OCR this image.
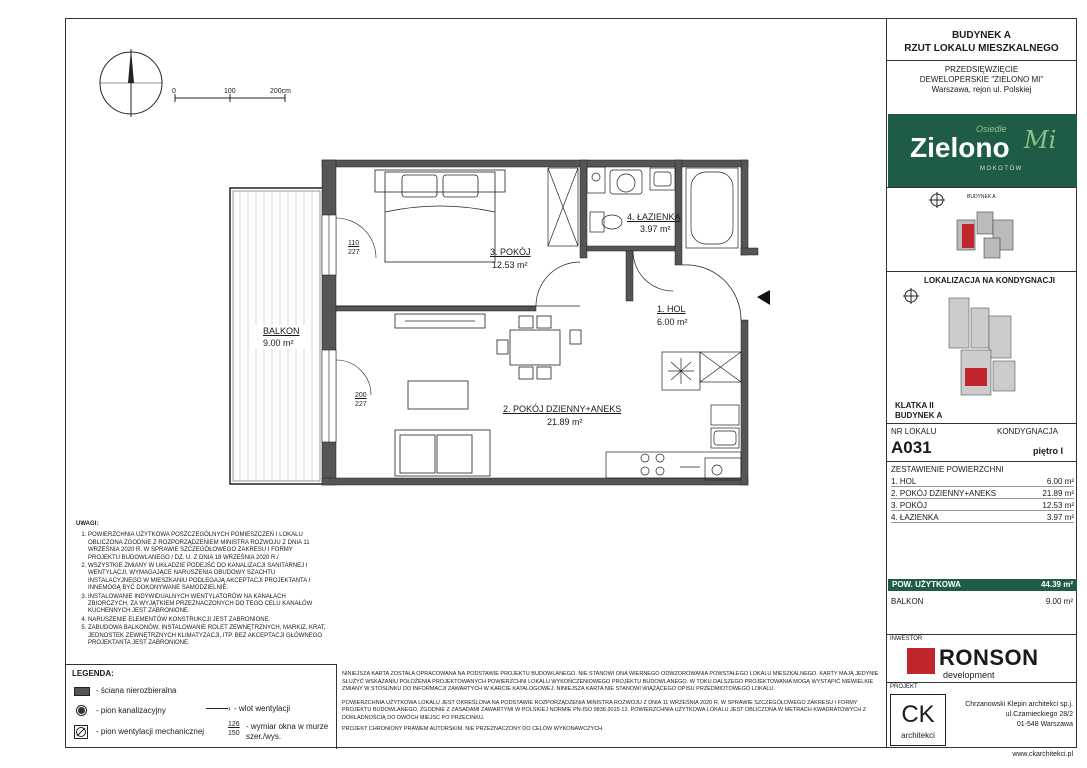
0	100	200cm
3. POKÓJ
12.53 m²
4. ŁAZIENKA
3.97 m²
1. HOL
6.00 m²
2. POKÓJ DZIENNY+ANEKS
21.89 m²
BALKON
9.00 m²
110
227
200
227
UWAGI:
1. POWIERZCHNIA UŻYTKOWA POSZCZEGÓLNYCH POMIESZCZEŃ I LOKALU OBLICZONA ZGODNIE Z ROZPORZĄDZENIEM MINISTRA ROZWOJU Z DNIA 11 WRZEŚNIA 2020 R. W SPRAWIE SZCZEGÓŁOWEGO ZAKRESU I FORMY PROJEKTU BUDOWLANEGO / DZ. U. Z DNIA 18 WRZEŚNIA 2020 R./
2. WSZYSTKIE ZMIANY W UKŁADZIE PODEJŚĆ DO KANALIZACJI SANITARNEJ I WENTYLACJI, WYMAGAJĄCE NARUSZENIA OBUDOWY SZACHTU INSTALACYJNEGO W MIESZKANIU PODLEGAJĄ AKCEPTACJI PROJEKTANTA I INNEMOGĄ BYĆ DOKONYWANE SAMODZIELNIE.
3. INSTALOWANIE INDYWIDUALNYCH WENTYLATORÓW NA KANAŁACH ZBIORCZYCH, ZA WYJĄTKIEM PRZEZNACZONYCH DO TEGO CELU KANAŁÓW KUCHENNYCH JEST ZABRONIONE.
4. NARUSZENIE ELEMENTÓW KONSTRUKCJI JEST ZABRONIONE.
5. ZABUDOWA BALKONÓW, INSTALOWANIE ROLET ZEWNĘTRZNYCH, MARKIZ, KRAT, JEDNOSTEK ZEWNĘTRZNYCH KLIMATYZACJI, ITP. BEZ AKCEPTACJI GŁÓWNEGO PROJEKTANTA JEST ZABRONIONE.
LEGENDA:
- ściana nierozbieralna
- pion kanalizacyjny
- pion wentylacji mechanicznej
› - wlot wentylacji
126
150
- wymiar okna w murze szer./wys.
NINIEJSZA KARTA ZOSTAŁA OPRACOWANA NA PODSTAWIE PROJEKTU BUDOWLANEGO. NIE STANOWI ONA WIERNEGO ODWZOROWANIA POWSTAŁEGO LOKALU MIESZKALNEGO. KARTY MAJĄ JEDYNIE SŁUŻYĆ WSKAZANIU POŁOŻENIA PROJEKTOWANYCH POWIERZCHNI LOKALU WYKOŃCZENIOWEGO PROJEKTU BUDOWLANEGO. W TOKU DALSZEGO PROJEKTOWANIA MOGĄ WYSTĄPIĆ NIEWIELKIE ZMIANY W STOSUNKU DO INFORMACJI ZAWARTYCH W KARCIE KATALOGOWEJ. NINIEJSZA KARTA NIE STANOWI WIĄŻĄCEGO OPISU PRZEDMIOTOWEGO LOKALU.
POWIERZCHNIA UŻYTKOWA LOKALU JEST OKREŚLONA NA PODSTAWIE ROZPORZĄDZENIA MINISTRA ROZWOJU Z DNIA 11 WRZEŚNIA 2020 R. W SPRAWIE SZCZEGÓŁOWEGO ZAKRESU I FORMY PROJEKTU BUDOWLANEGO. ZGODNIE Z ZASADAMI ZAWARTYMI W POLSKIEJ NORMIE PN-ISO 9836:2015-12. POWIERZCHNIA UŻYTKOWA LOKALU JEST OBLICZONA W METRACH KWADRATOWYCH Z DOKŁADNOŚCIĄ DO DWÓCH MIEJSC PO PRZECINKU.
PROJEKT CHRONIONY PRAWEM AUTORSKIM. NIE PRZEZNACZONY DO CELÓW WYKONAWCZYCH.
BUDYNEK A
RZUT LOKALU MIESZKALNEGO
PRZEDSIĘWZIĘCIE
DEWELOPERSKIE "ZIELONO MI"
Warszawa, rejon ul. Polskiej
Osiedle
Zielono Mi
MOKOTÓW
BUDYNEK A
LOKALIZACJA NA KONDYGNACJI
KLATKA II
BUDYNEK A
NR LOKALU	KONDYGNACJA
A031	piętro I
ZESTAWIENIE POWIERZCHNI
1. HOL	6.00 m²
2. POKÓJ DZIENNY+ANEKS	21.89 m²
3. POKÓJ	12.53 m²
4. ŁAZIENKA	3.97 m²
POW. UŻYTKOWA	44.39 m²
BALKON	9.00 m²
INWESTOR
RONSON
development
PROJEKT
CK
architekci
Chrzanowski Klepin architekci sp.j.
ul.Czarnieckiego 28/2
01-548 Warszawa
www.ckarchitekci.pl
